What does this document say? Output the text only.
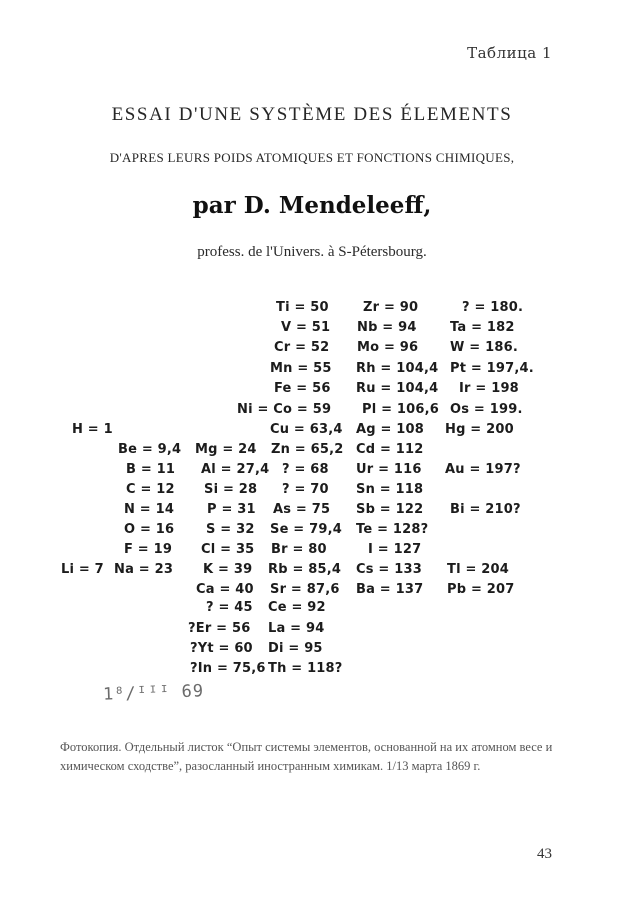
Таблица 1
ESSAI D'UNE SYSTÈME DES ÉLEMENTS
D'APRES LEURS POIDS ATOMIQUES ET FONCTIONS CHIMIQUES,
par D. Mendeleeff,
profess. de l'Univers. à S-Pétersbourg.
Ti = 50	Zr = 90	? = 180.
V = 51 Nb = 94	Ta = 182
Cr = 52 Mo = 96 W = 186.
Mn = 55 Rh = 104,4 Pt = 197,4.
Fe = 56 Ru = 104,4 Ir = 198
Ni = Co = 59 Pl = 106,6 Os = 199.
H = 1	Cu = 63,4 Ag = 108 Hg = 200
Be = 9,4 Mg = 24 Zn = 65,2 Cd = 112
B = 11 Al = 27,4 ? = 68 Ur = 116 Au = 197?
C = 12 Si = 28 ? = 70 Sn = 118
N = 14	P = 31 As = 75 Sb = 122 Bi = 210?
O = 16 S = 32 Se = 79,4 Te = 128?
F = 19 Cl = 35 Br = 80	I = 127
Li = 7 Na = 23 K = 39 Rb = 85,4 Cs = 133 Tl = 204
Ca = 40 Sr = 87,6 Ba = 137 Pb = 207
? = 45 Ce = 92
?Er = 56 La = 94
?Yt = 60 Di = 95
?In = 75,6 Th = 118?
1⁸/ᴵᴵᴵ 69
Фотокопия. Отдельный листок “Опыт системы элементов, основанной на их атомном весе и химическом сходстве”, разосланный иностранным химикам. 1/13 марта 1869 г.
43
